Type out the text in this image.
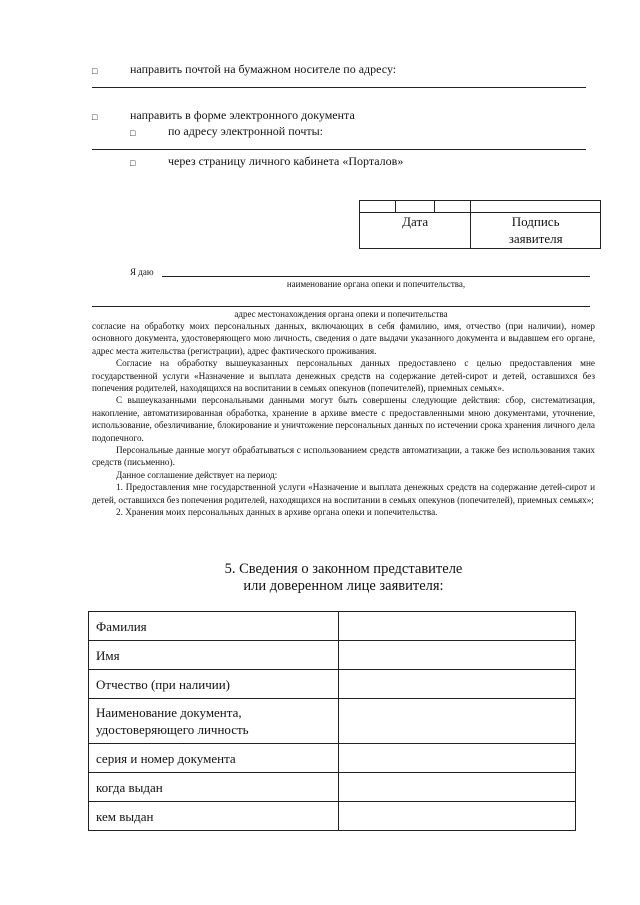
□	направить почтой на бумажном носителе по адресу:
□	направить в форме электронного документа
□	по адресу электронной почты:
□	через страницу личного кабинета «Порталов»

Дата			Подпись заявителя
Я даю
наименование органа опеки и попечительства,
адрес местонахождения органа опеки и попечительства

согласие на обработку моих персональных данных, включающих в себя фамилию, имя, отчество (при наличии), номер основного документа, удостоверяющего мою личность, сведения о дате выдачи указанного документа и выдавшем его органе, адрес места жительства (регистрации), адрес фактического проживания.

Согласие на обработку вышеуказанных персональных данных предоставлено с целью предоставления мне государственной услуги «Назначение и выплата денежных средств на содержание детей-сирот и детей, оставшихся без попечения родителей, находящихся на воспитании в семьях опекунов (попечителей), приемных семьях».

С вышеуказанными персональными данными могут быть совершены следующие действия: сбор, систематизация, накопление, автоматизированная обработка, хранение в архиве вместе с предоставленными мною документами, уточнение, использование, обезличивание, блокирование и уничтожение персональных данных по истечении срока хранения личного дела подопечного.

Персональные данные могут обрабатываться с использованием средств автоматизации, а также без использования таких средств (письменно).

Данное соглашение действует на период:

1. Предоставления мне государственной услуги «Назначение и выплата денежных средств на содержание детей-сирот и детей, оставшихся без попечения родителей, находящихся на воспитании в семьях опекунов (попечителей), приемных семьях»;

2. Хранения моих персональных данных в архиве органа опеки и попечительства.

5. Сведения о законном представителе
или доверенном лице заявителя:
Фамилия	
Имя	
Отчество (при наличии)	
Наименование документа, удостоверяющего личность	
серия и номер документа	
когда выдан	
кем выдан	
